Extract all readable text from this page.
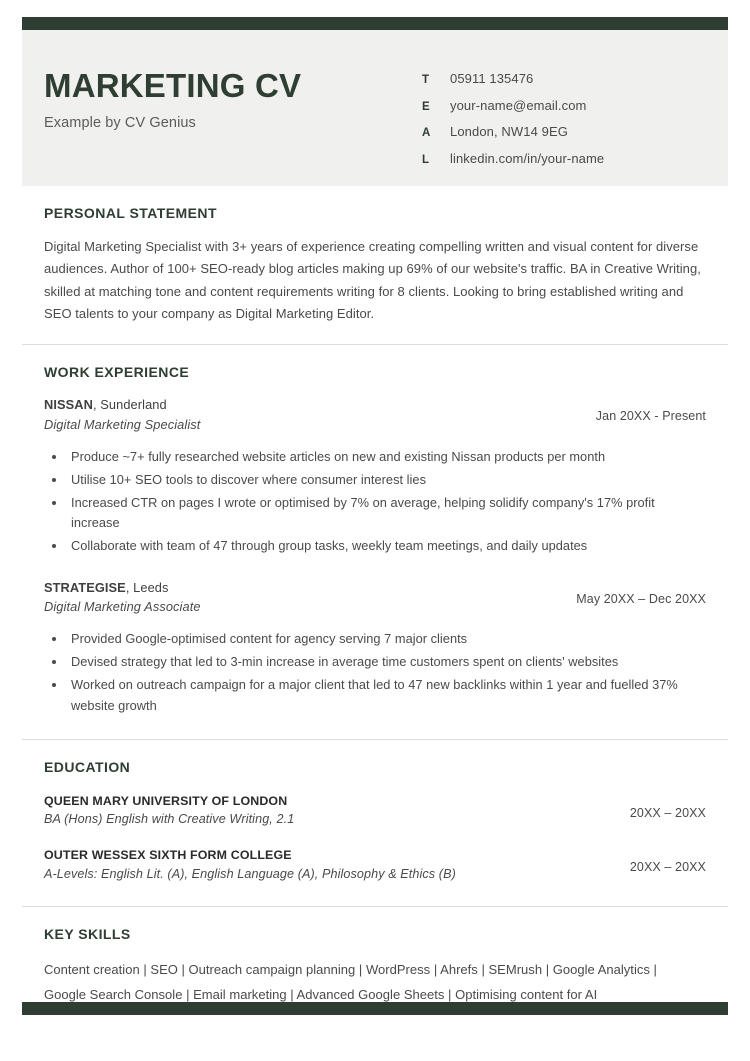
MARKETING CV
Example by CV Genius
T	05911 135476
E	your-name@email.com
A	London, NW14 9EG
L	linkedin.com/in/your-name
PERSONAL STATEMENT

Digital Marketing Specialist with 3+ years of experience creating compelling written and visual content for diverse audiences. Author of 100+ SEO-ready blog articles making up 69% of our website's traffic. BA in Creative Writing, skilled at matching tone and content requirements writing for 8 clients. Looking to bring established writing and SEO talents to your company as Digital Marketing Editor.

WORK EXPERIENCE
NISSAN, Sunderland
Digital Marketing Specialist
Jan 20XX - Present
Produce ~7+ fully researched website articles on new and existing Nissan products per month
Utilise 10+ SEO tools to discover where consumer interest lies
Increased CTR on pages I wrote or optimised by 7% on average, helping solidify company's 17% profit increase
Collaborate with team of 47 through group tasks, weekly team meetings, and daily updates
STRATEGISE, Leeds
Digital Marketing Associate
May 20XX – Dec 20XX
Provided Google-optimised content for agency serving 7 major clients
Devised strategy that led to 3-min increase in average time customers spent on clients' websites
Worked on outreach campaign for a major client that led to 47 new backlinks within 1 year and fuelled 37% website growth
EDUCATION
QUEEN MARY UNIVERSITY OF LONDON
BA (Hons) English with Creative Writing, 2.1	20XX – 20XX
OUTER WESSEX SIXTH FORM COLLEGE
A-Levels: English Lit. (A), English Language (A), Philosophy & Ethics (B)	20XX – 20XX
KEY SKILLS
Content creation | SEO | Outreach campaign planning | WordPress | Ahrefs | SEMrush | Google Analytics |
Google Search Console | Email marketing | Advanced Google Sheets | Optimising content for AI
